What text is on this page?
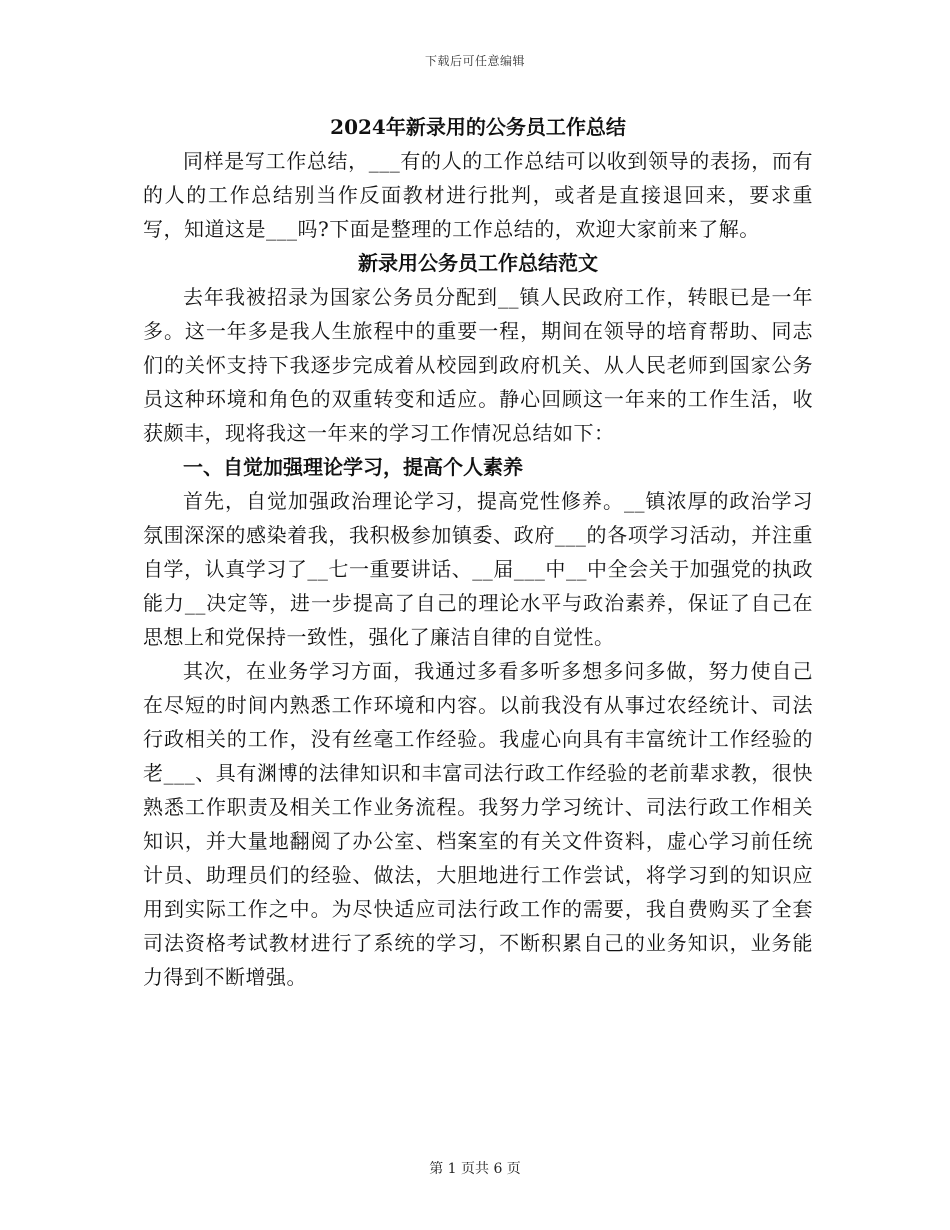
下载后可任意编辑
2024年新录用的公务员工作总结

同样是写工作总结，___有的人的工作总结可以收到领导的表扬，而有的人的工作总结别当作反面教材进行批判，或者是直接退回来，要求重写，知道这是___吗?下面是整理的工作总结的，欢迎大家前来了解。

新录用公务员工作总结范文

去年我被招录为国家公务员分配到__镇人民政府工作，转眼已是一年多。这一年多是我人生旅程中的重要一程，期间在领导的培育帮助、同志们的关怀支持下我逐步完成着从校园到政府机关、从人民老师到国家公务员这种环境和角色的双重转变和适应。静心回顾这一年来的工作生活，收获颇丰，现将我这一年来的学习工作情况总结如下：

一、自觉加强理论学习，提高个人素养

首先，自觉加强政治理论学习，提高党性修养。__镇浓厚的政治学习氛围深深的感染着我，我积极参加镇委、政府___的各项学习活动，并注重自学，认真学习了__七一重要讲话、__届___中__中全会关于加强党的执政能力__决定等，进一步提高了自己的理论水平与政治素养，保证了自己在思想上和党保持一致性，强化了廉洁自律的自觉性。

其次，在业务学习方面，我通过多看多听多想多问多做，努力使自己在尽短的时间内熟悉工作环境和内容。以前我没有从事过农经统计、司法行政相关的工作，没有丝毫工作经验。我虚心向具有丰富统计工作经验的老___、具有渊博的法律知识和丰富司法行政工作经验的老前辈求教，很快熟悉工作职责及相关工作业务流程。我努力学习统计、司法行政工作相关知识，并大量地翻阅了办公室、档案室的有关文件资料，虚心学习前任统计员、助理员们的经验、做法，大胆地进行工作尝试，将学习到的知识应用到实际工作之中。为尽快适应司法行政工作的需要，我自费购买了全套司法资格考试教材进行了系统的学习，不断积累自己的业务知识，业务能力得到不断增强。

第 1 页共 6 页
